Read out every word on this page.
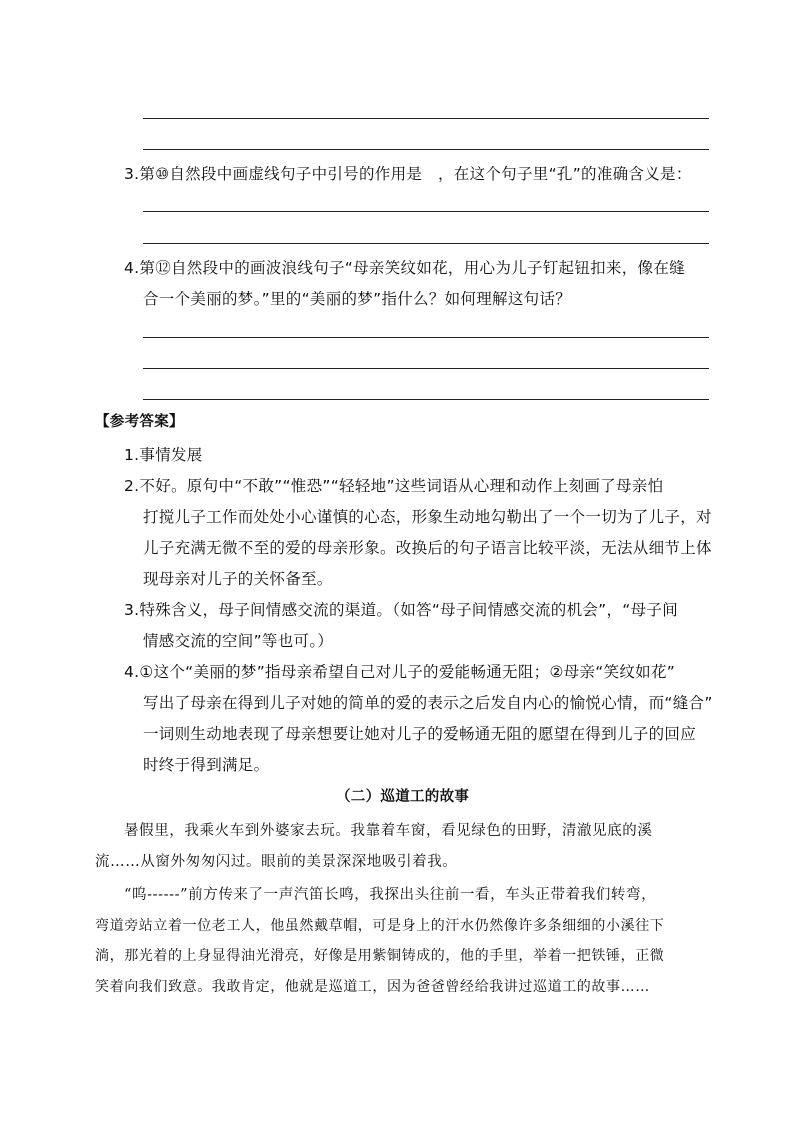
3.第⑩自然段中画虚线句子中引号的作用是　，在这个句子里“孔”的准确含义是：
4.第⑫自然段中的画波浪线句子“母亲笑纹如花，用心为儿子钉起钮扣来，像在缝
合一个美丽的梦。”里的“美丽的梦”指什么？如何理解这句话？
【参考答案】
1.事情发展
2.不好。原句中“不敢”“惟恐”“轻轻地”这些词语从心理和动作上刻画了母亲怕
打搅儿子工作而处处小心谨慎的心态，形象生动地勾勒出了一个一切为了儿子，对
儿子充满无微不至的爱的母亲形象。改换后的句子语言比较平淡，无法从细节上体
现母亲对儿子的关怀备至。
3.特殊含义，母子间情感交流的渠道。（如答“母子间情感交流的机会”，“母子间
情感交流的空间”等也可。）
4.①这个“美丽的梦”指母亲希望自己对儿子的爱能畅通无阻；②母亲“笑纹如花”
写出了母亲在得到儿子对她的简单的爱的表示之后发自内心的愉悦心情，而“缝合”
一词则生动地表现了母亲想要让她对儿子的爱畅通无阻的愿望在得到儿子的回应
时终于得到满足。
（二）巡道工的故事
暑假里，我乘火车到外婆家去玩。我靠着车窗，看见绿色的田野，清澈见底的溪
流……从窗外匆匆闪过。眼前的美景深深地吸引着我。
“呜------”前方传来了一声汽笛长鸣，我探出头往前一看，车头正带着我们转弯，
弯道旁站立着一位老工人，他虽然戴草帽，可是身上的汗水仍然像许多条细细的小溪往下
淌，那光着的上身显得油光滑亮，好像是用紫铜铸成的，他的手里，举着一把铁锤，正微
笑着向我们致意。我敢肯定，他就是巡道工，因为爸爸曾经给我讲过巡道工的故事……
